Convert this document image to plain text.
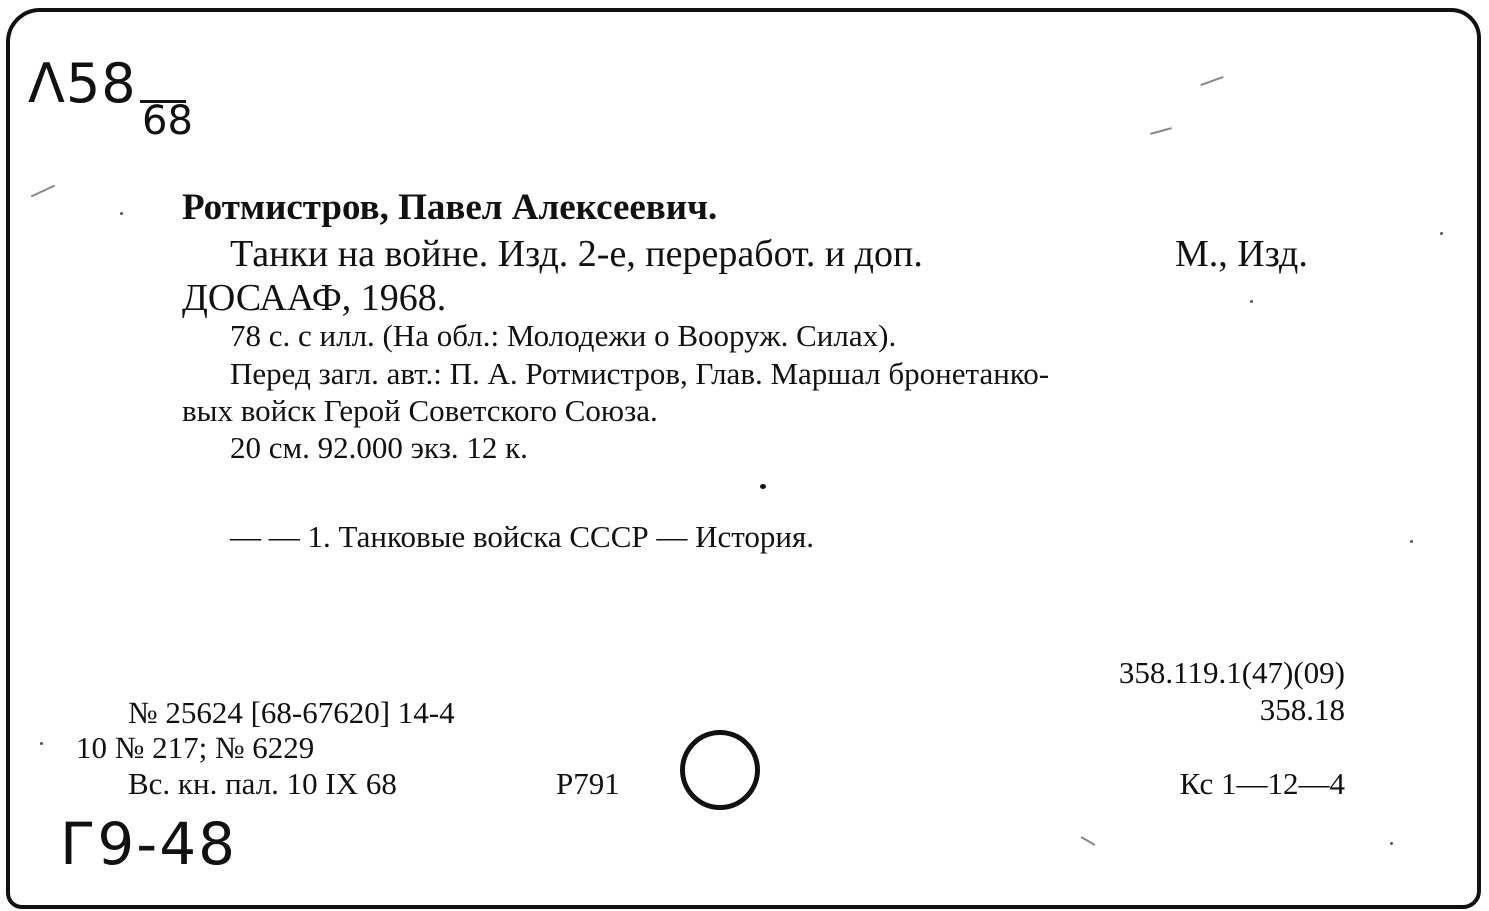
Λ58
68
Г9-48
Ротмистров, Павел Алексеевич.
Танки на войне. Изд. 2-е, переработ. и доп.	М., Изд.
ДОСААФ, 1968.
78 с. с илл. (На обл.: Молодежи о Вооруж. Силах).
Перед загл. авт.: П. А. Ротмистров, Глав. Маршал бронетанко-
вых войск Герой Советского Союза.
20 см. 92.000 экз. 12 к.
— — 1. Танковые войска СССР — История.
358.119.1(47)(09)
358.18
№ 25624 [68-67620] 14-4
10 № 217; № 6229
Вс. кн. пал. 10 IX 68	P791	Кс 1—12—4
